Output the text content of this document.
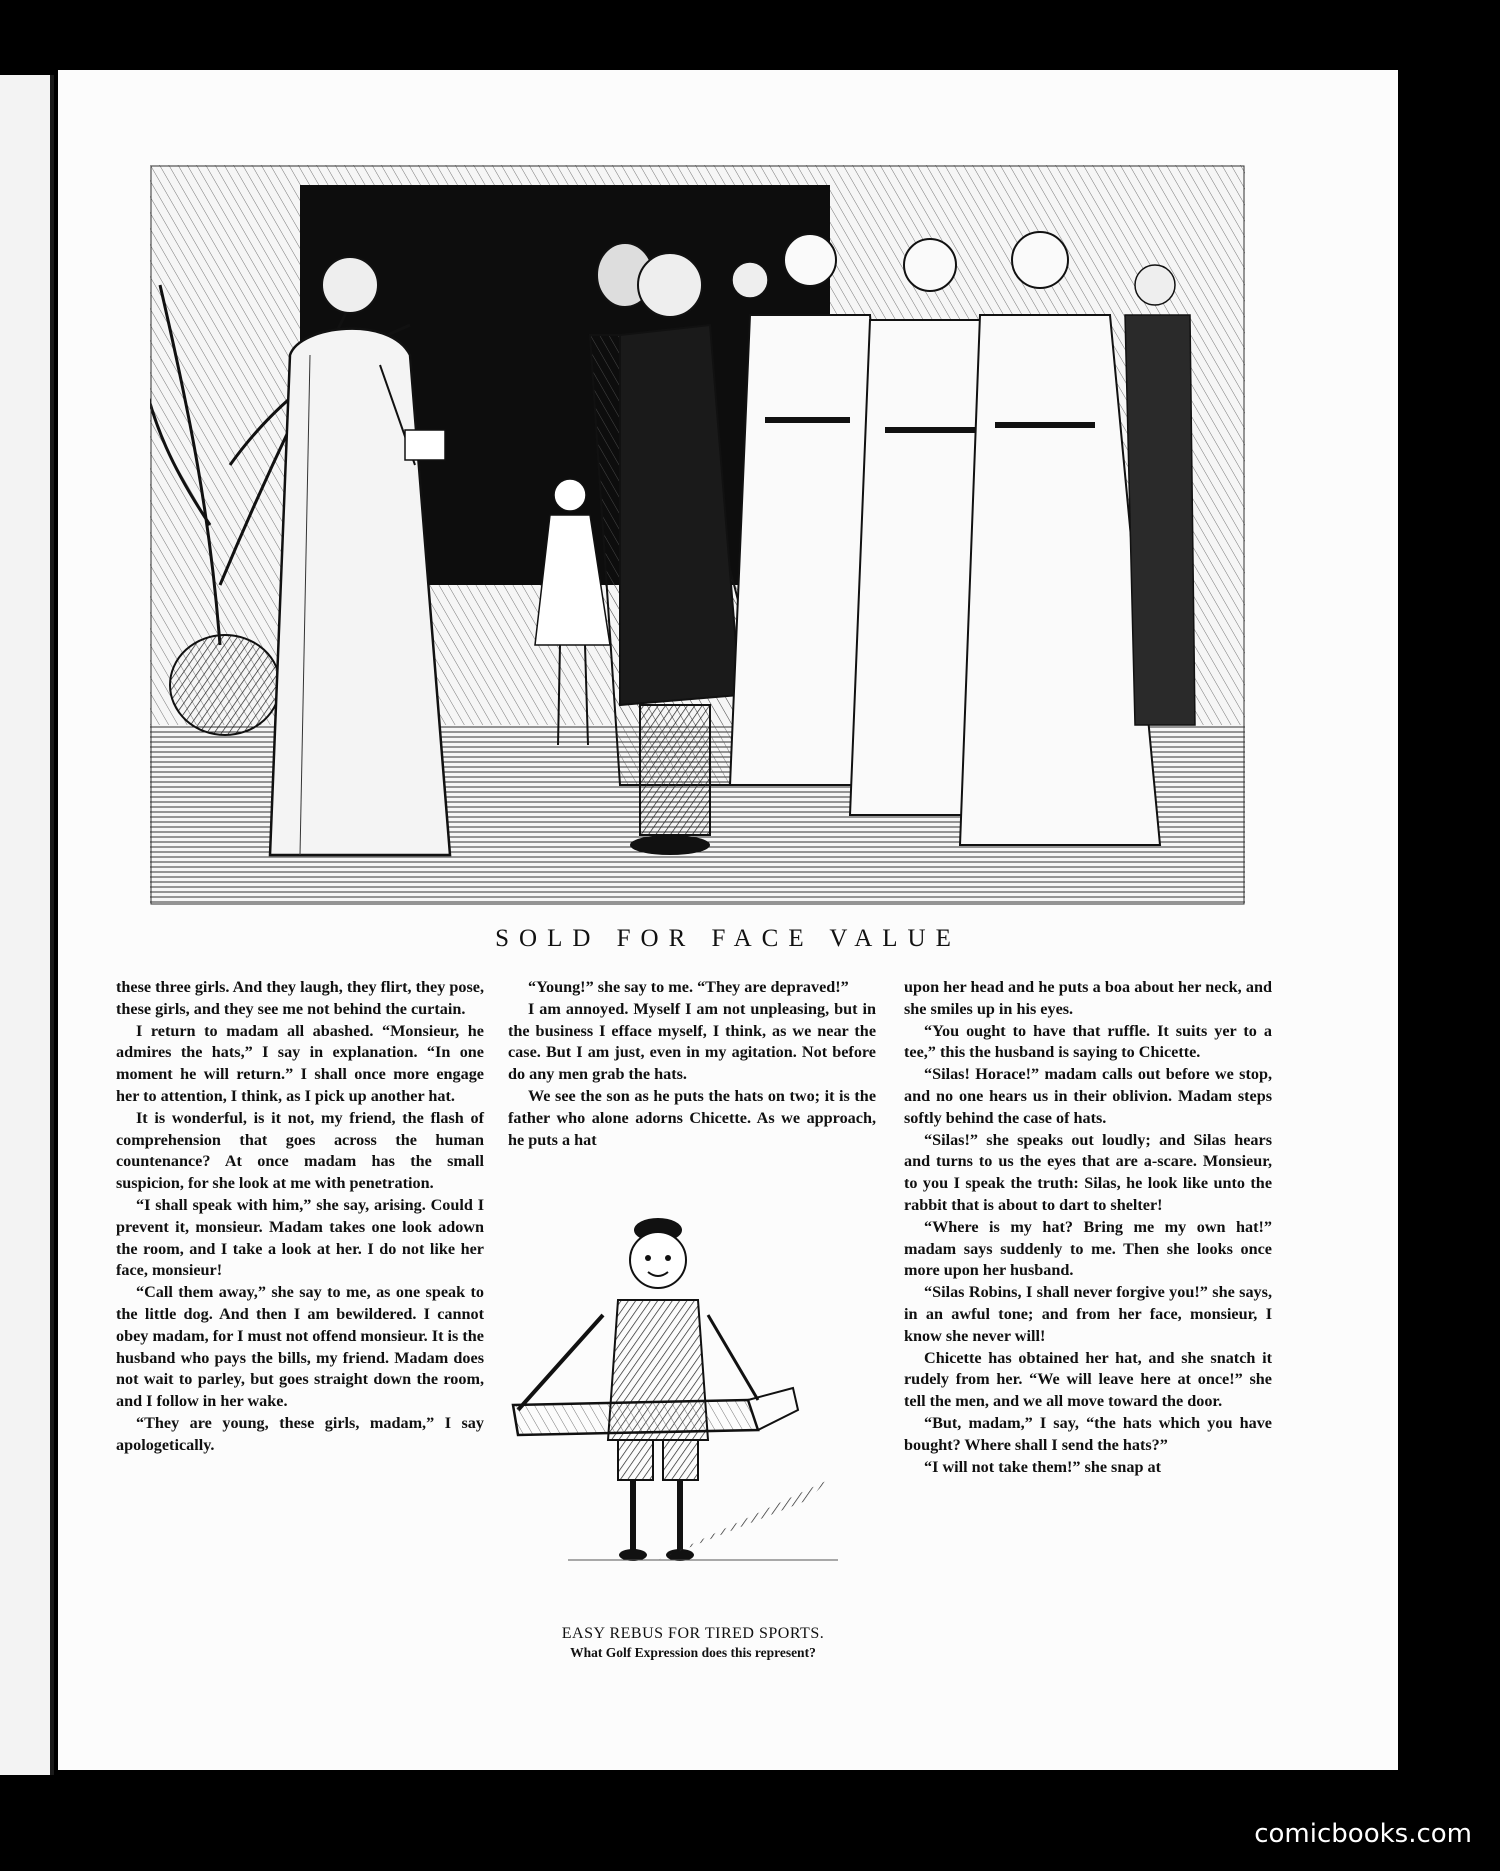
SOLD FOR FACE VALUE

these three girls. And they laugh, they flirt, they pose, these girls, and they see me not behind the curtain.

I return to madam all abashed. “Monsieur, he admires the hats,” I say in explanation. “In one moment he will return.” I shall once more engage her to attention, I think, as I pick up another hat.

It is wonderful, is it not, my friend, the flash of comprehension that goes across the human countenance? At once madam has the small suspicion, for she look at me with penetration.

“I shall speak with him,” she say, arising. Could I prevent it, monsieur. Madam takes one look adown the room, and I take a look at her. I do not like her face, monsieur!

“Call them away,” she say to me, as one speak to the little dog. And then I am bewildered. I cannot obey madam, for I must not offend monsieur. It is the husband who pays the bills, my friend. Madam does not wait to parley, but goes straight down the room, and I follow in her wake.

“They are young, these girls, madam,” I say apologetically.

“Young!” she say to me. “They are depraved!”

I am annoyed. Myself I am not unpleasing, but in the business I efface myself, I think, as we near the case. But I am just, even in my agitation. Not before do any men grab the hats.

We see the son as he puts the hats on two; it is the father who alone adorns Chicette. As we approach, he puts a hat

EASY REBUS FOR TIRED SPORTS.
What Golf Expression does this represent?

upon her head and he puts a boa about her neck, and she smiles up in his eyes.

“You ought to have that ruffle. It suits yer to a tee,” this the husband is saying to Chicette.

“Silas! Horace!” madam calls out before we stop, and no one hears us in their oblivion. Madam steps softly behind the case of hats.

“Silas!” she speaks out loudly; and Silas hears and turns to us the eyes that are a-scare. Monsieur, to you I speak the truth: Silas, he look like unto the rabbit that is about to dart to shelter!

“Where is my hat? Bring me my own hat!” madam says suddenly to me. Then she looks once more upon her husband.

“Silas Robins, I shall never forgive you!” she says, in an awful tone; and from her face, monsieur, I know she never will!

Chicette has obtained her hat, and she snatch it rudely from her. “We will leave here at once!” she tell the men, and we all move toward the door.

“But, madam,” I say, “the hats which you have bought? Where shall I send the hats?”

“I will not take them!” she snap at

comicbooks.com
